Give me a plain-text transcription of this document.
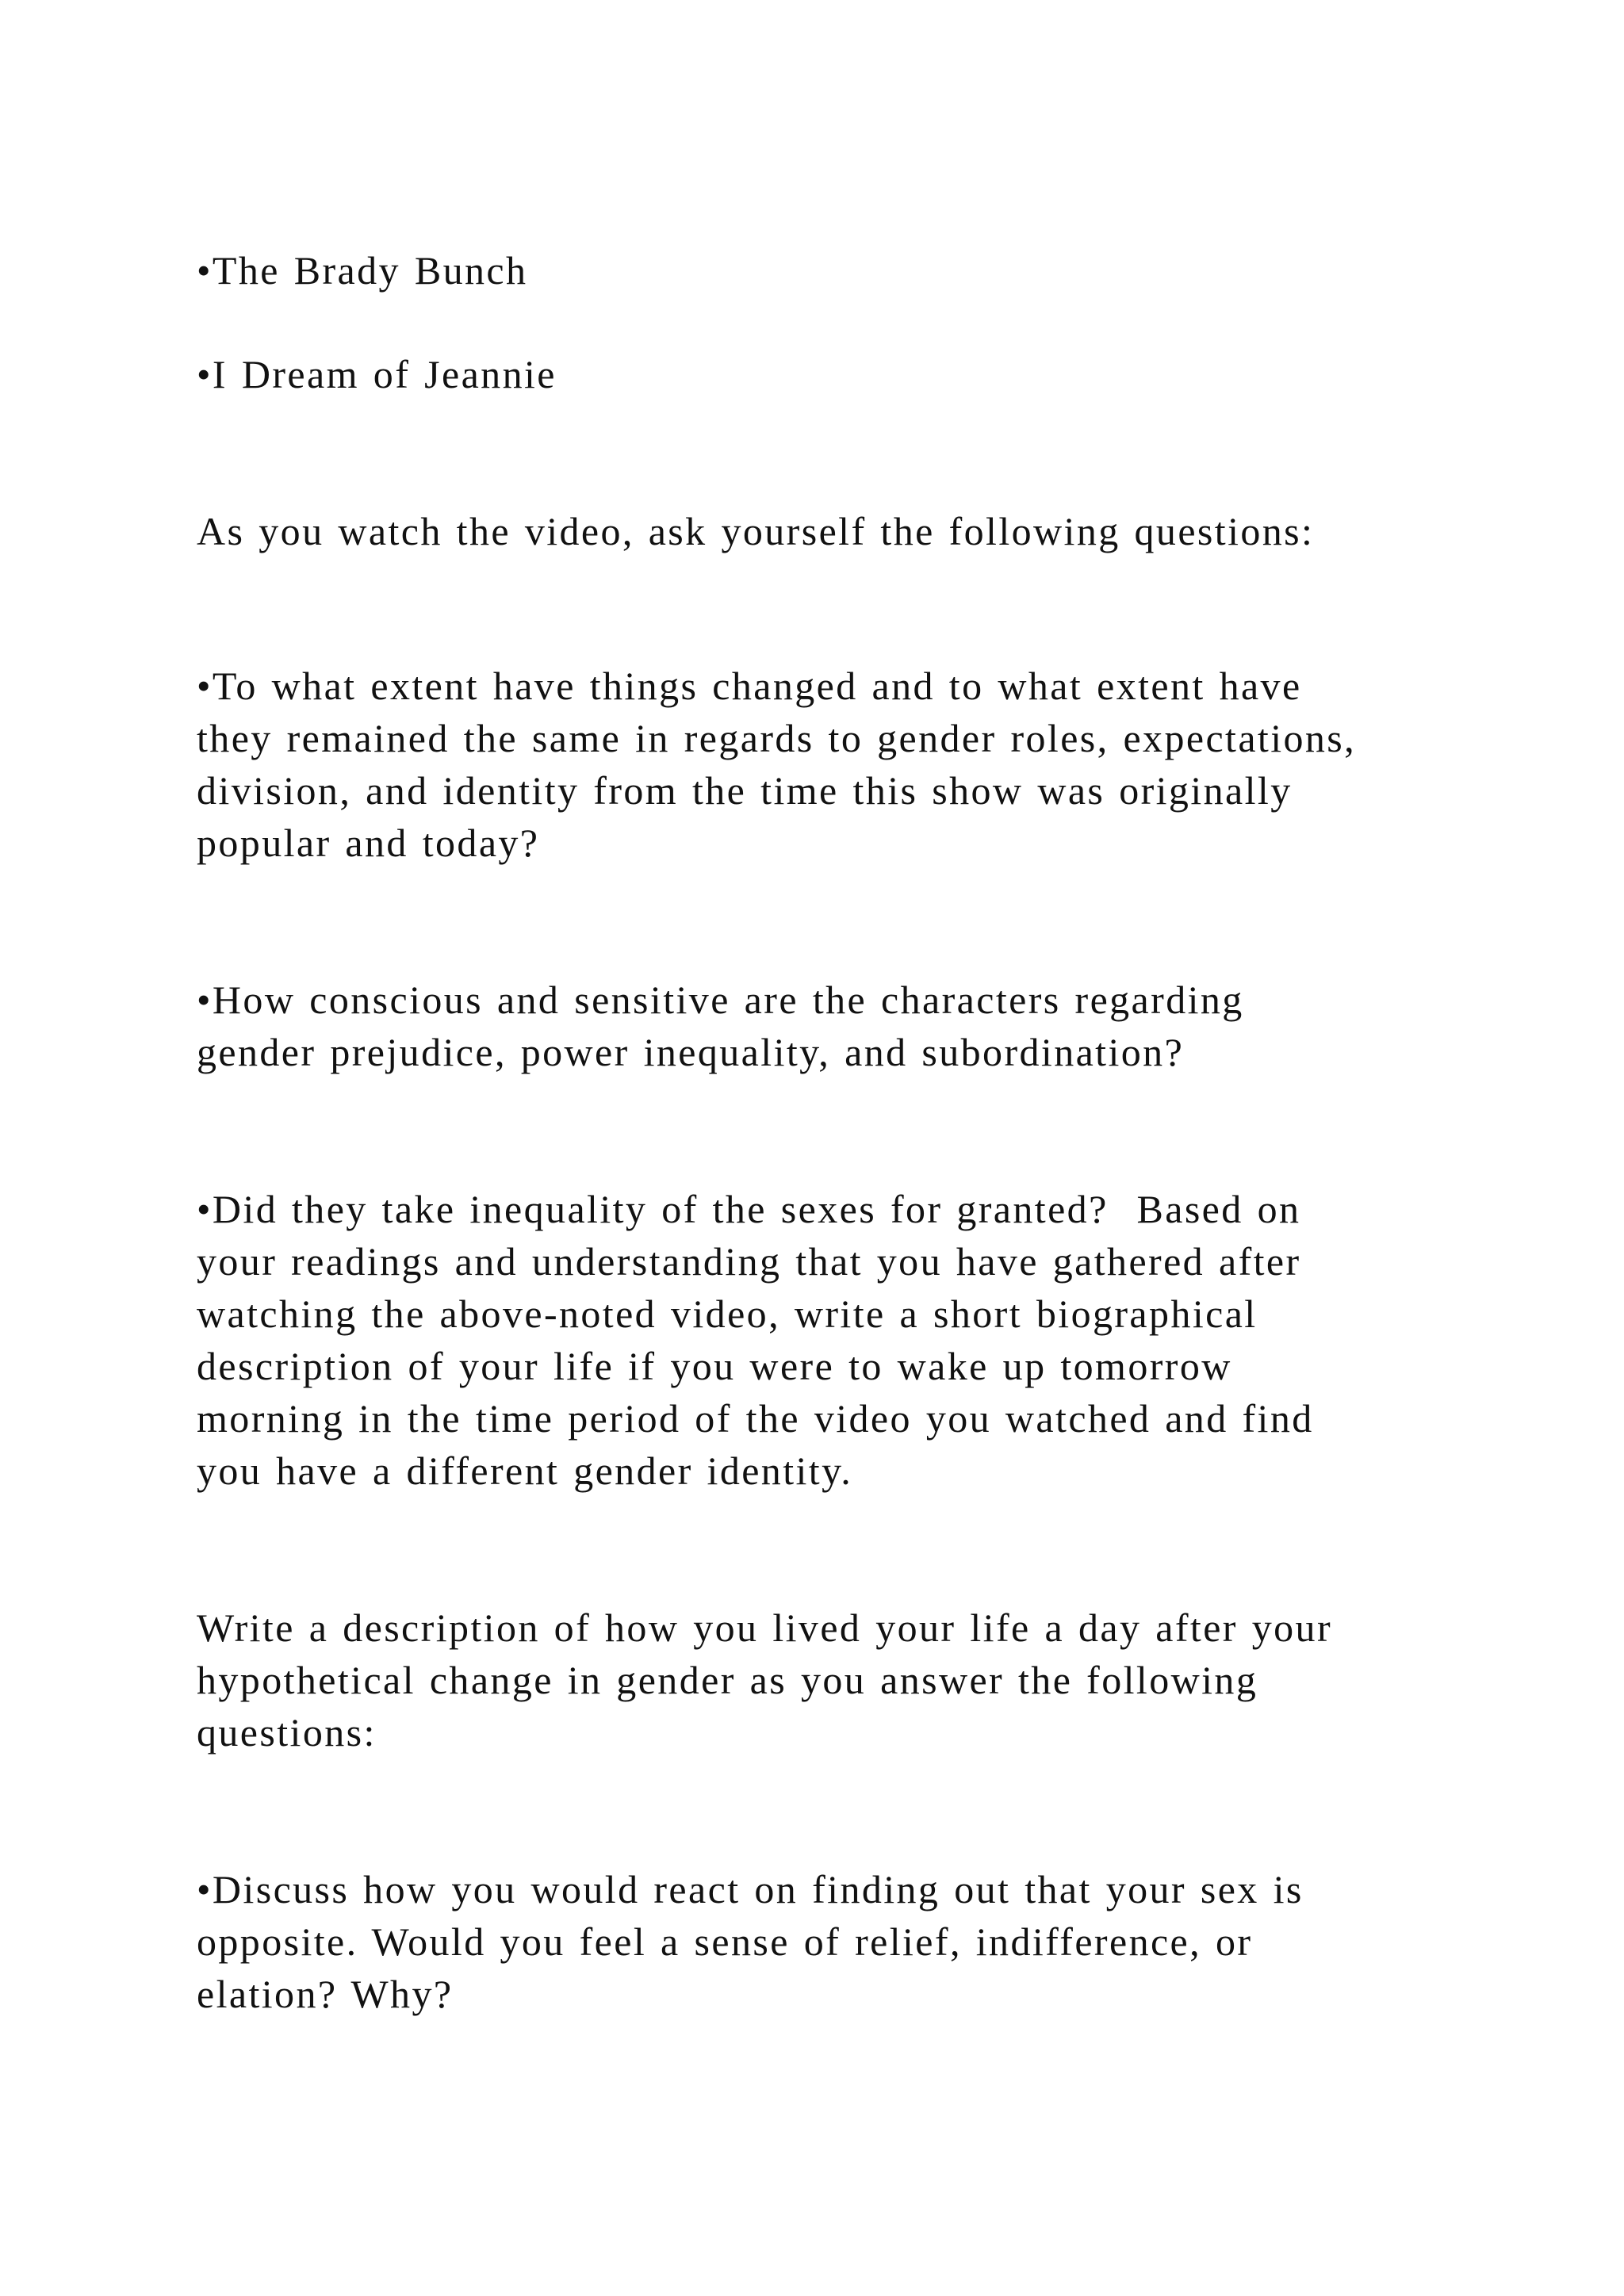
•The Brady Bunch

•I Dream of Jeannie

As you watch the video, ask yourself the following questions:

•To what extent have things changed and to what extent have

they remained the same in regards to gender roles, expectations,

division, and identity from the time this show was originally

popular and today?

•How conscious and sensitive are the characters regarding

gender prejudice, power inequality, and subordination?

•Did they take inequality of the sexes for granted?  Based on

your readings and understanding that you have gathered after

watching the above-noted video, write a short biographical

description of your life if you were to wake up tomorrow

morning in the time period of the video you watched and find

you have a different gender identity.

Write a description of how you lived your life a day after your

hypothetical change in gender as you answer the following

questions:

•Discuss how you would react on finding out that your sex is

opposite. Would you feel a sense of relief, indifference, or

elation? Why?
